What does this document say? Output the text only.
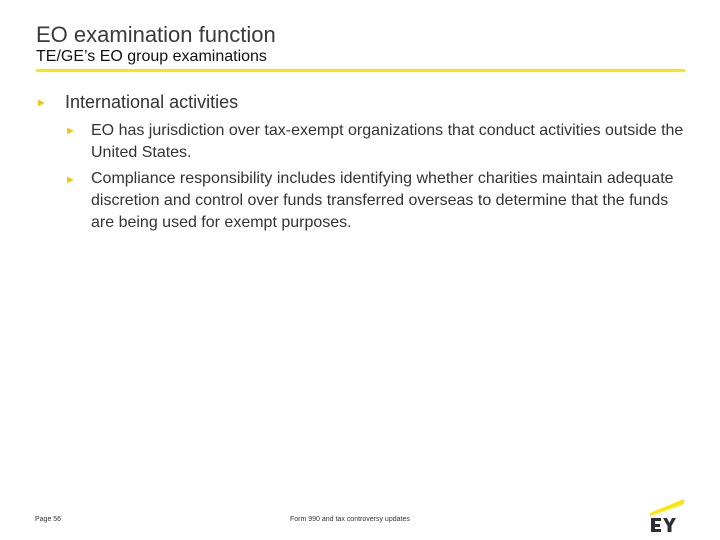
EO examination function
TE/GE’s EO group examinations
► International activities
► EO has jurisdiction over tax-exempt organizations that conduct activities outside the United States.
► Compliance responsibility includes identifying whether charities maintain adequate discretion and control over funds transferred overseas to determine that the funds are being used for exempt purposes.
Page 56	Form 990 and tax controversy updates
